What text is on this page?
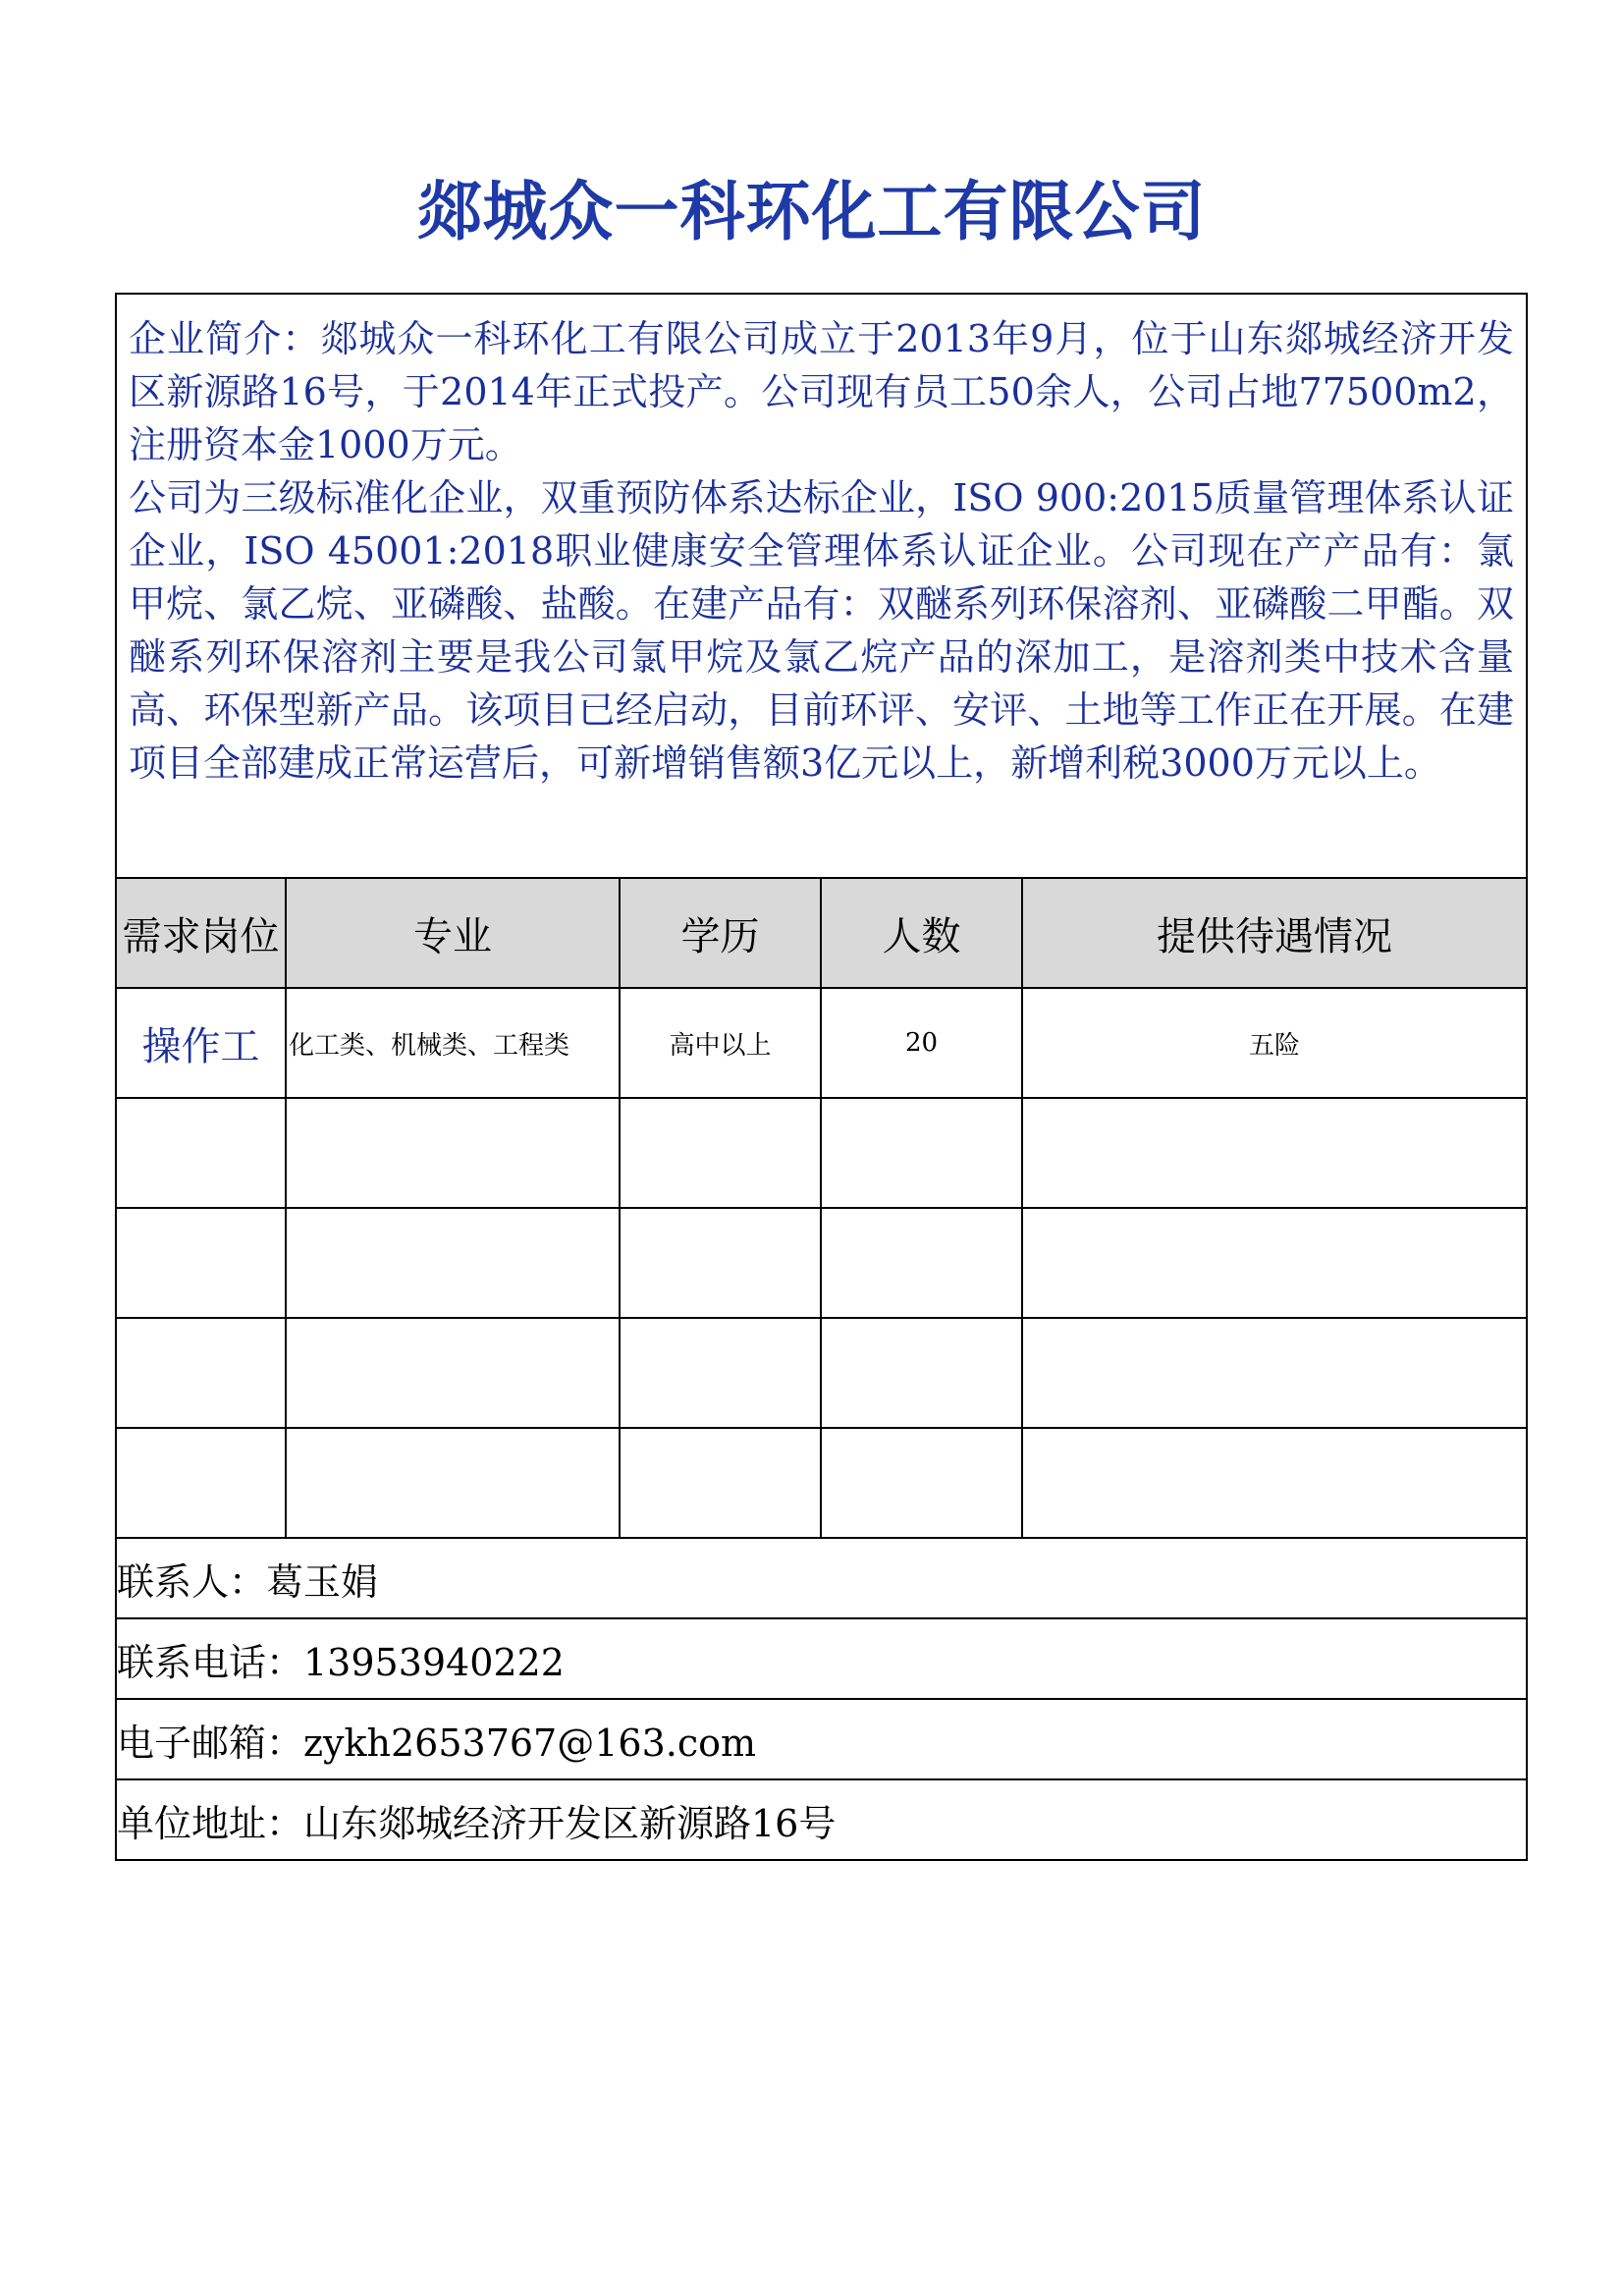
郯城众一科环化工有限公司

企业简介：郯城众一科环化工有限公司成立于2013年9月，位于山东郯城经济开发区新源路16号，于2014年正式投产。公司现有员工50余人，公司占地77500m2，注册资本金1000万元。

公司为三级标准化企业，双重预防体系达标企业，ISO 900:2015质量管理体系认证企业，ISO 45001:2018职业健康安全管理体系认证企业。公司现在产产品有：氯甲烷、氯乙烷、亚磷酸、盐酸。在建产品有：双醚系列环保溶剂、亚磷酸二甲酯。双醚系列环保溶剂主要是我公司氯甲烷及氯乙烷产品的深加工，是溶剂类中技术含量高、环保型新产品。该项目已经启动，目前环评、安评、土地等工作正在开展。在建项目全部建成正常运营后，可新增销售额3亿元以上，新增利税3000万元以上。				

需求岗位	专业	学历	人数	提供待遇情况
操作工	化工类、机械类、工程类	高中以上	20	五险

联系人：葛玉娟				
联系电话：13953940222				
电子邮箱：zykh2653767@163.com				
单位地址：山东郯城经济开发区新源路16号				
